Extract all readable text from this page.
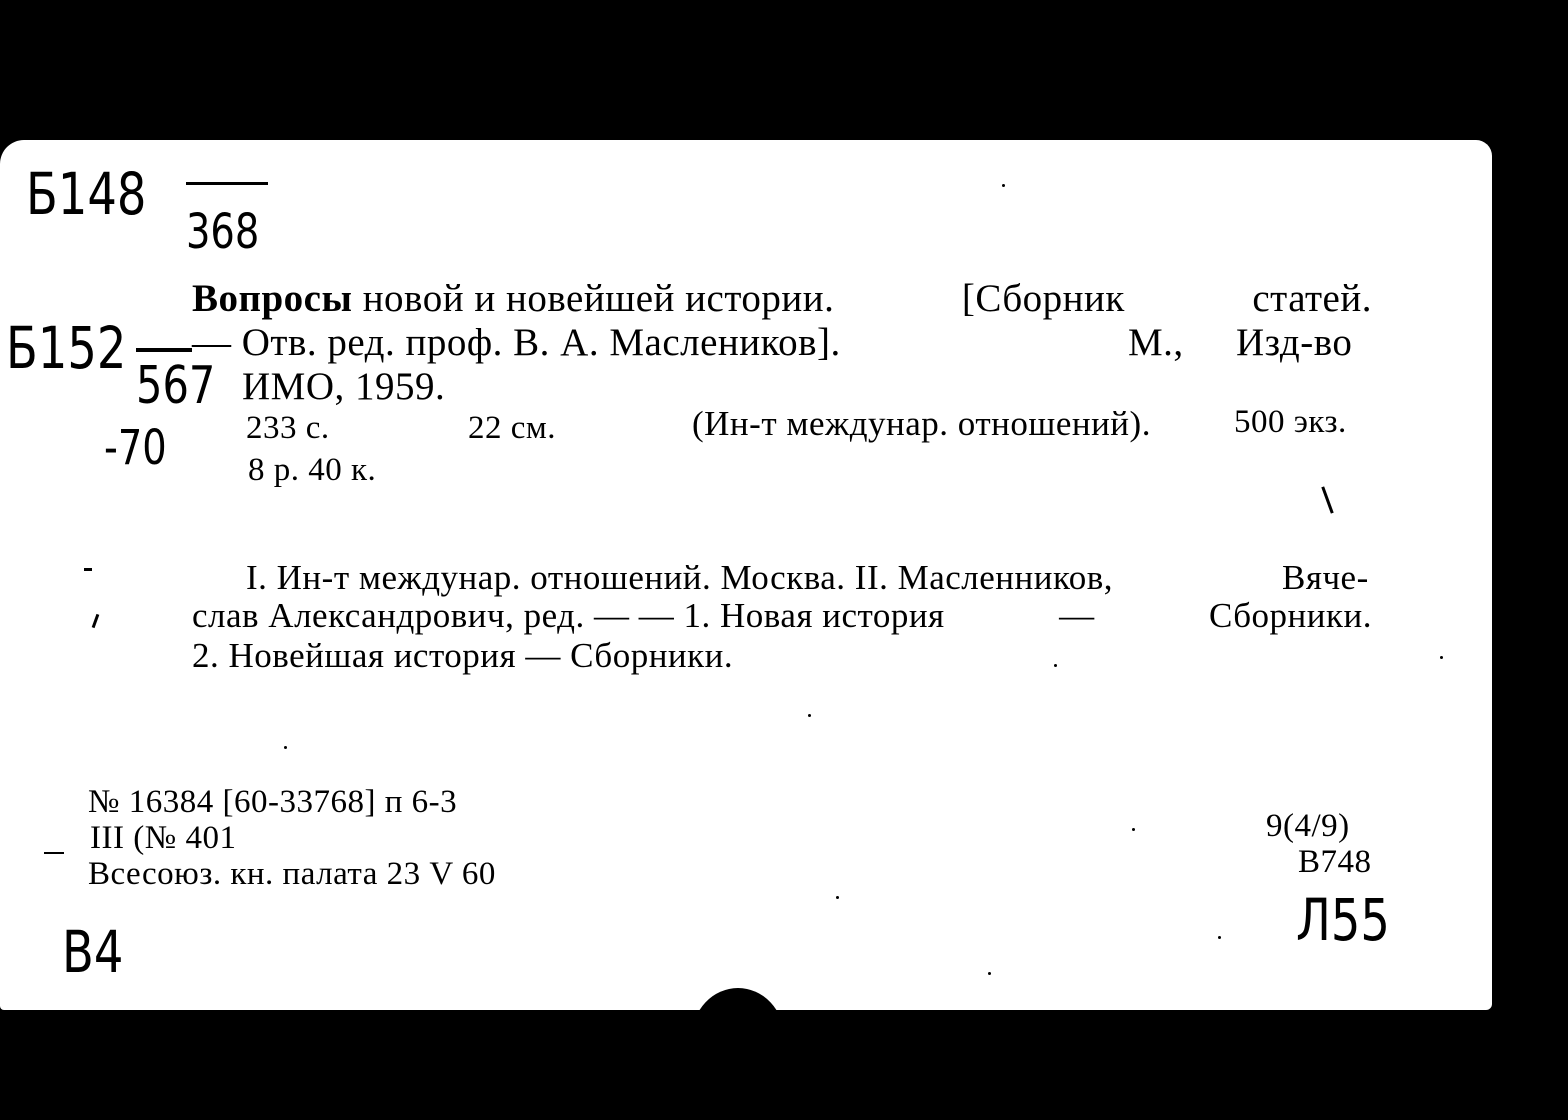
Б148
368
Б152
567
-70
Вопросы новой и новейшей истории.	[Сборник	статей.
— Отв. ред. проф. В. А. Маслеников].	М., Изд-во
ИМО, 1959.
233 с.	22 см.	(Ин-т междунар. отношений).	500 экз.
8 р. 40 к.
I. Ин-т междунар. отношений. Москва. II. Масленников,	Вяче-
слав Александрович, ред. — — 1. Новая история	—	Сборники.
2. Новейшая история — Сборники.
№ 16384 [60-33768] п 6-3
III (№ 401
Всесоюз. кн. палата 23 V 60
9(4/9)
В748
В4	Л55
